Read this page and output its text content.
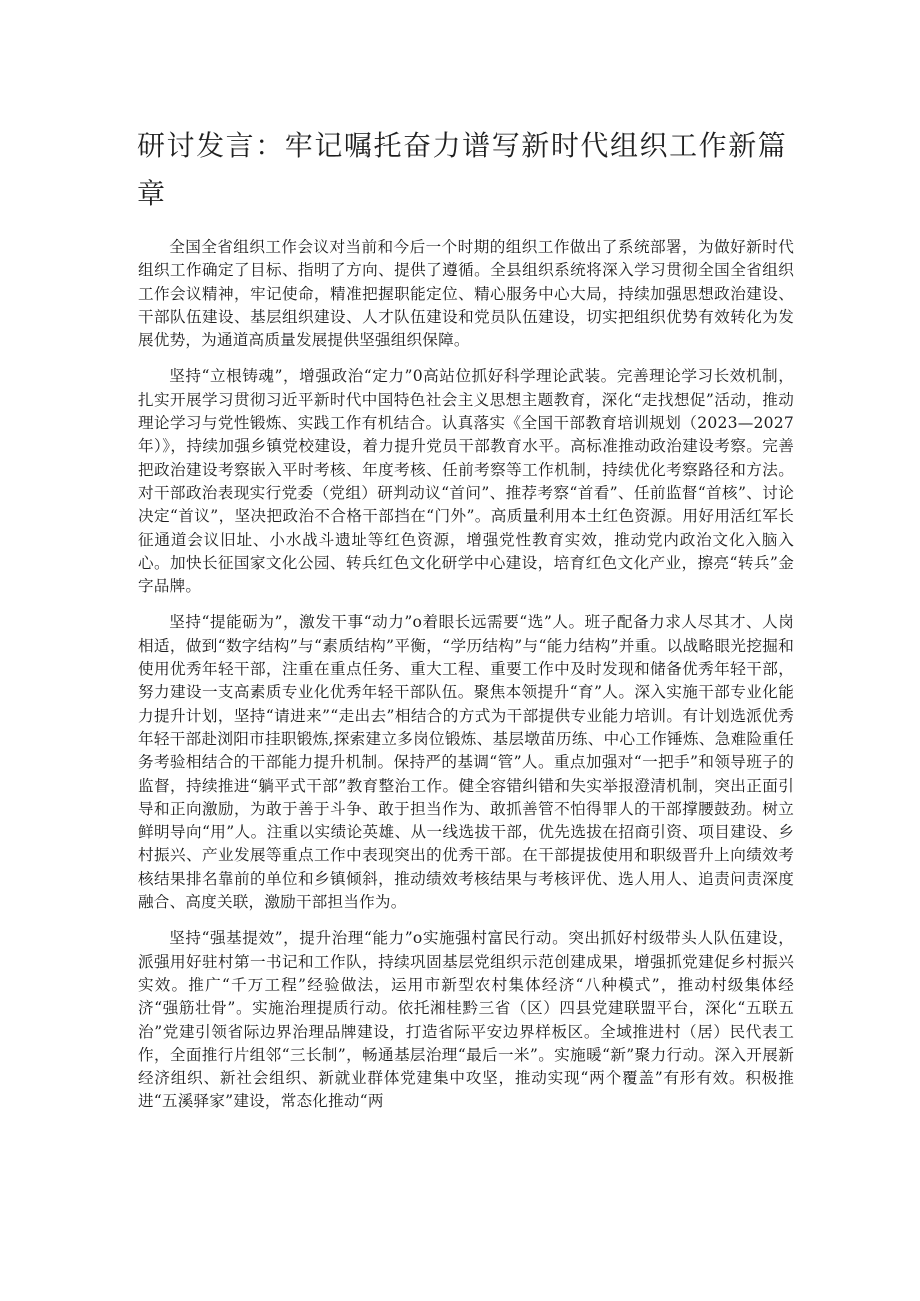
研讨发言：牢记嘱托奋力谱写新时代组织工作新篇章

全国全省组织工作会议对当前和今后一个时期的组织工作做出了系统部署，为做好新时代组织工作确定了目标、指明了方向、提供了遵循。全县组织系统将深入学习贯彻全国全省组织工作会议精神，牢记使命，精准把握职能定位、精心服务中心大局，持续加强思想政治建设、干部队伍建设、基层组织建设、人才队伍建设和党员队伍建设，切实把组织优势有效转化为发展优势，为通道高质量发展提供坚强组织保障。

坚持“立根铸魂”，增强政治“定力”0高站位抓好科学理论武装。完善理论学习长效机制，扎实开展学习贯彻习近平新时代中国特色社会主义思想主题教育，深化“走找想促”活动，推动理论学习与党性锻炼、实践工作有机结合。认真落实《全国干部教育培训规划（2023—2027年）》，持续加强乡镇党校建设，着力提升党员干部教育水平。高标准推动政治建设考察。完善把政治建设考察嵌入平时考核、年度考核、任前考察等工作机制，持续优化考察路径和方法。对干部政治表现实行党委（党组）研判动议“首问”、推荐考察“首看”、任前监督“首核”、讨论决定“首议”，坚决把政治不合格干部挡在“门外”。高质量利用本土红色资源。用好用活红军长征通道会议旧址、小水战斗遗址等红色资源，增强党性教育实效，推动党内政治文化入脑入心。加快长征国家文化公园、转兵红色文化研学中心建设，培育红色文化产业，擦亮“转兵”金字品牌。

坚持“提能砺为”，激发干事“动力”o着眼长远需要“选”人。班子配备力求人尽其才、人岗相适，做到“数字结构”与“素质结构”平衡，“学历结构”与“能力结构”并重。以战略眼光挖掘和使用优秀年轻干部，注重在重点任务、重大工程、重要工作中及时发现和储备优秀年轻干部，努力建设一支高素质专业化优秀年轻干部队伍。聚焦本领提升“育”人。深入实施干部专业化能力提升计划，坚持“请进来”“走出去”相结合的方式为干部提供专业能力培训。有计划选派优秀年轻干部赴浏阳市挂职锻炼,探索建立多岗位锻炼、基层墩苗历练、中心工作锤炼、急难险重任务考验相结合的干部能力提升机制。保持严的基调“管”人。重点加强对“一把手”和领导班子的监督，持续推进“躺平式干部”教育整治工作。健全容错纠错和失实举报澄清机制，突出正面引导和正向激励，为敢于善于斗争、敢于担当作为、敢抓善管不怕得罪人的干部撑腰鼓劲。树立鲜明导向“用”人。注重以实绩论英雄、从一线选拔干部，优先选拔在招商引资、项目建设、乡村振兴、产业发展等重点工作中表现突出的优秀干部。在干部提拔使用和职级晋升上向绩效考核结果排名靠前的单位和乡镇倾斜，推动绩效考核结果与考核评优、选人用人、追责问责深度融合、高度关联，激励干部担当作为。

坚持“强基提效”，提升治理“能力”o实施强村富民行动。突出抓好村级带头人队伍建设，派强用好驻村第一书记和工作队，持续巩固基层党组织示范创建成果，增强抓党建促乡村振兴实效。推广“千万工程”经验做法，运用市新型农村集体经济“八种模式”，推动村级集体经济“强筋壮骨”。实施治理提质行动。依托湘桂黔三省（区）四县党建联盟平台，深化“五联五治”党建引领省际边界治理品牌建设，打造省际平安边界样板区。全域推进村（居）民代表工作，全面推行片组邻“三长制”，畅通基层治理“最后一米”。实施暖“新”聚力行动。深入开展新经济组织、新社会组织、新就业群体党建集中攻坚，推动实现“两个覆盖”有形有效。积极推进“五溪驿家”建设，常态化推动“两
